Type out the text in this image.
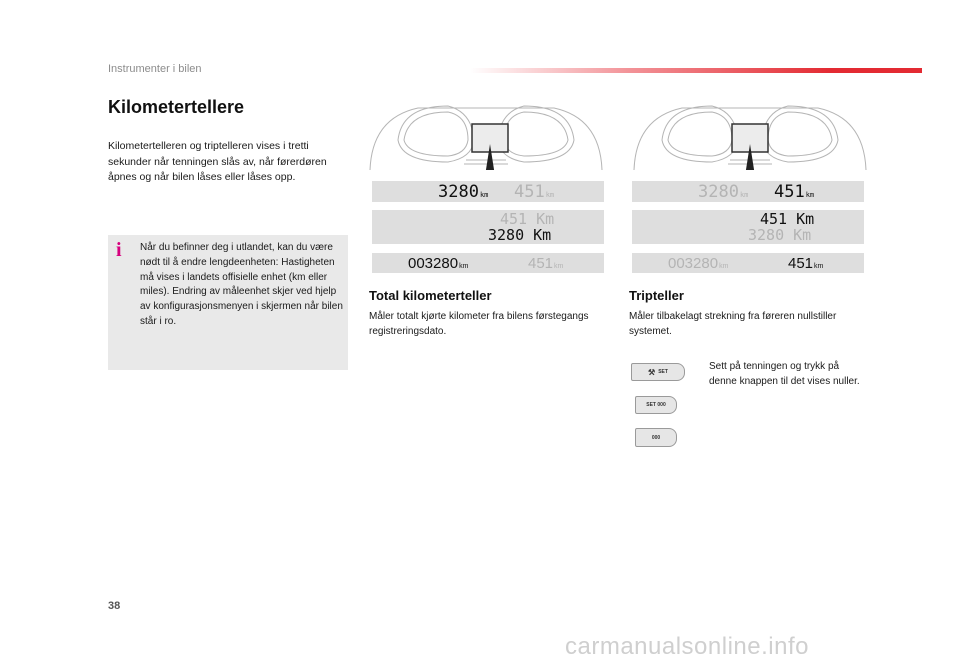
Instrumenter i bilen
Kilometertellere
Kilometertelleren og triptelleren vises i tretti sekunder når tenningen slås av, når førerdøren åpnes og når bilen låses eller låses opp.
i	Når du befinner deg i utlandet, kan du være nødt til å endre lengdeenheten: Hastigheten må vises i landets offisielle enhet (km eller miles). Endring av måleenhet skjer ved hjelp av konfigurasjonsmenyen i skjermen når bilen står i ro.
3280km 451km
451 Km
3280 Km
003280km	451km
3280km 451km
451 Km
3280 Km
003280km	451km
Total kilometerteller
Måler totalt kjørte kilometer fra bilens førstegangs registreringsdato.
Tripteller
Måler tilbakelagt strekning fra føreren nullstiller systemet.
⚒ SET
SET
000
000
Sett på tenningen og trykk på denne knappen til det vises nuller.
38
carmanualsonline.info
